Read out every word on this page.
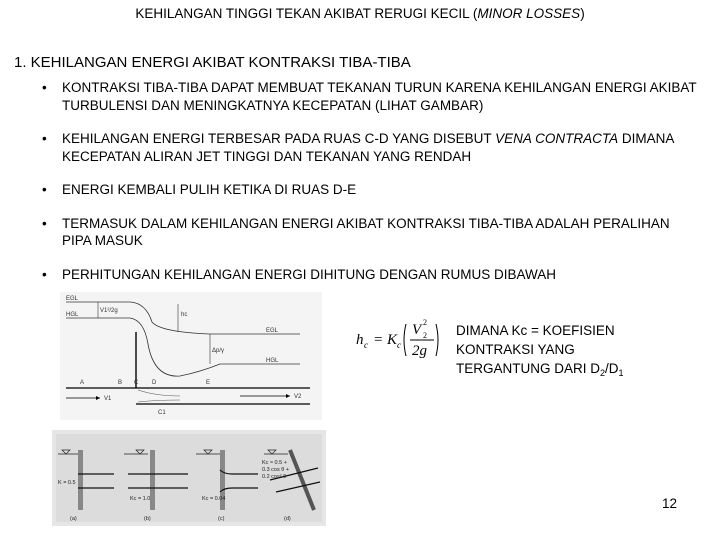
KEHILANGAN TINGGI TEKAN AKIBAT RERUGI KECIL (MINOR LOSSES)
1. KEHILANGAN ENERGI AKIBAT KONTRAKSI TIBA-TIBA
• KONTRAKSI TIBA-TIBA DAPAT MEMBUAT TEKANAN TURUN KARENA KEHILANGAN ENERGI AKIBAT TURBULENSI DAN MENINGKATNYA KECEPATAN (LIHAT GAMBAR)
• KEHILANGAN ENERGI TERBESAR PADA RUAS C-D YANG DISEBUT VENA CONTRACTA DIMANA KECEPATAN ALIRAN JET TINGGI DAN TEKANAN YANG RENDAH
• ENERGI KEMBALI PULIH KETIKA DI RUAS D-E
• TERMASUK DALAM KEHILANGAN ENERGI AKIBAT KONTRAKSI TIBA-TIBA ADALAH PERALIHAN PIPA MASUK
• PERHITUNGAN KEHILANGAN ENERGI DIHITUNG DENGAN RUMUS DIBAWAH
EGL
HGL
V1²/2g
hc
EGL
Δp/γ
HGL
A	B C D	E
V1	V2
C1
h c = K c
V 2
2
2g
DIMANA Kc = KOEFISIEN
KONTRAKSI YANG
TERGANTUNG DARI $D_2/D_1$
K = 0.5
(a)
Kc = 1.0
(b)
Kc = 0.04
(c)
Kc ≈ 0.5 +
0.3 cos θ +
0.2 cos² θ
(d)
12
